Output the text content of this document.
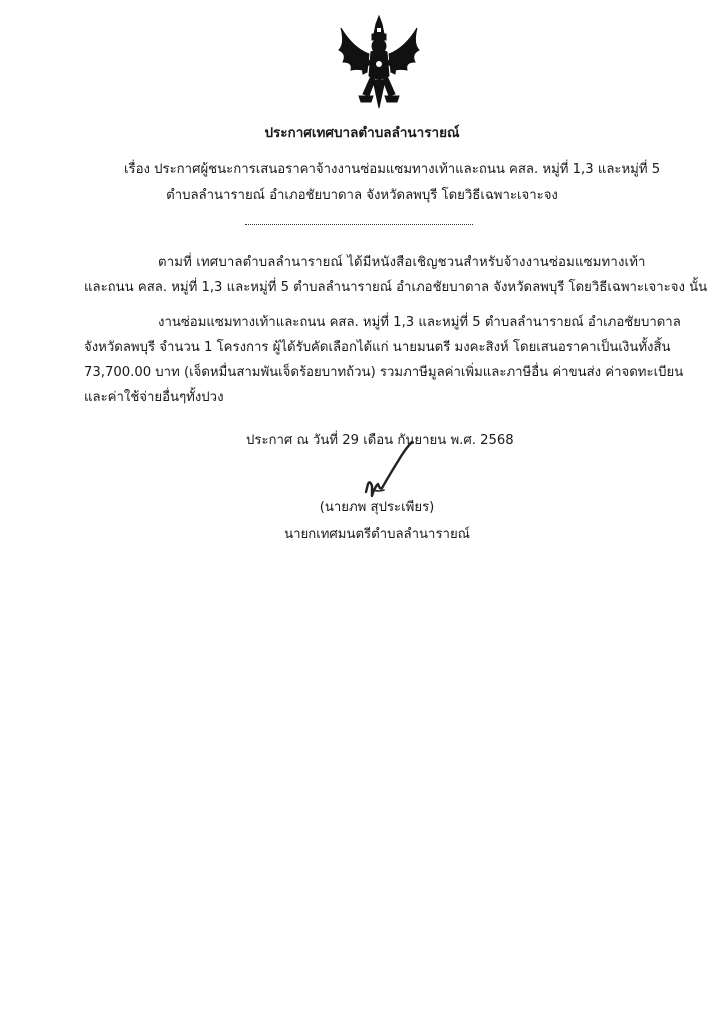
ประกาศเทศบาลตำบลลำนารายณ์
เรื่อง ประกาศผู้ชนะการเสนอราคาจ้างงานซ่อมแซมทางเท้าและถนน คสล. หมู่ที่ 1,3 และหมู่ที่ 5
ตำบลลำนารายณ์ อำเภอชัยบาดาล จังหวัดลพบุรี โดยวิธีเฉพาะเจาะจง
ตามที่ เทศบาลตำบลลำนารายณ์ ได้มีหนังสือเชิญชวนสำหรับจ้างงานซ่อมแซมทางเท้า
และถนน คสล. หมู่ที่ 1,3 และหมู่ที่ 5 ตำบลลำนารายณ์ อำเภอชัยบาดาล จังหวัดลพบุรี โดยวิธีเฉพาะเจาะจง นั้น
งานซ่อมแซมทางเท้าและถนน คสล. หมู่ที่ 1,3 และหมู่ที่ 5 ตำบลลำนารายณ์ อำเภอชัยบาดาล
จังหวัดลพบุรี จำนวน 1 โครงการ ผู้ได้รับคัดเลือกได้แก่ นายมนตรี มงคะสิงห์ โดยเสนอราคาเป็นเงินทั้งสิ้น
73,700.00 บาท (เจ็ดหมื่นสามพันเจ็ดร้อยบาทถ้วน) รวมภาษีมูลค่าเพิ่มและภาษีอื่น ค่าขนส่ง ค่าจดทะเบียน
และค่าใช้จ่ายอื่นๆทั้งปวง
ประกาศ ณ วันที่ 29 เดือน กันยายน พ.ศ. 2568
(นายภพ สุประเพียร)
นายกเทศมนตรีตำบลลำนารายณ์
